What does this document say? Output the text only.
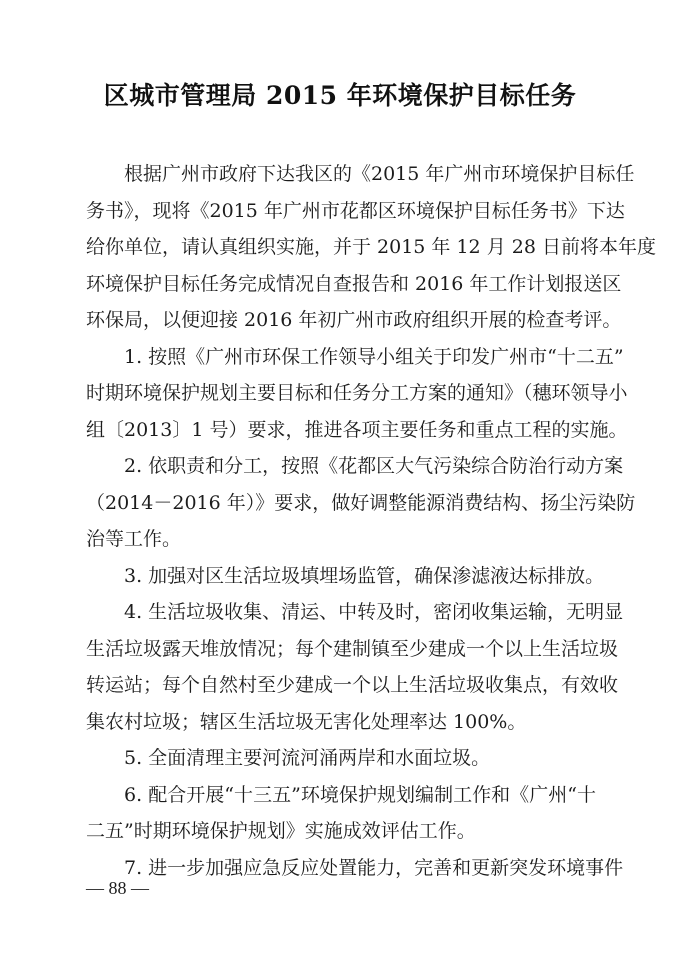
区城市管理局 2015 年环境保护目标任务
根据广州市政府下达我区的《2015 年广州市环境保护目标任
务书》，现将《2015 年广州市花都区环境保护目标任务书》下达
给你单位，请认真组织实施，并于 2015 年 12 月 28 日前将本年度
环境保护目标任务完成情况自查报告和 2016 年工作计划报送区
环保局，以便迎接 2016 年初广州市政府组织开展的检查考评。
1. 按照《广州市环保工作领导小组关于印发广州市“十二五”
时期环境保护规划主要目标和任务分工方案的通知》（穗环领导小
组〔2013〕1 号）要求，推进各项主要任务和重点工程的实施。
2. 依职责和分工，按照《花都区大气污染综合防治行动方案
（2014－2016 年）》要求，做好调整能源消费结构、扬尘污染防
治等工作。
3. 加强对区生活垃圾填埋场监管，确保渗滤液达标排放。
4. 生活垃圾收集、清运、中转及时，密闭收集运输，无明显
生活垃圾露天堆放情况；每个建制镇至少建成一个以上生活垃圾
转运站；每个自然村至少建成一个以上生活垃圾收集点，有效收
集农村垃圾；辖区生活垃圾无害化处理率达 100%。
5. 全面清理主要河流河涌两岸和水面垃圾。
6. 配合开展“十三五”环境保护规划编制工作和《广州“十
二五”时期环境保护规划》实施成效评估工作。
7. 进一步加强应急反应处置能力，完善和更新突发环境事件
— 88 —
